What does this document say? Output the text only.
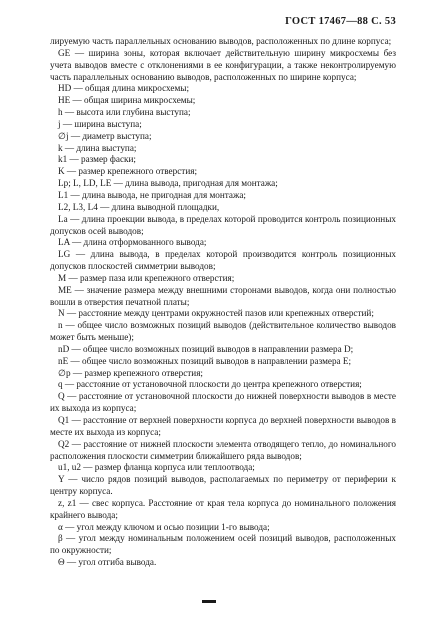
ГОСТ 17467—88 С. 53

лируемую часть параллельных основанию выводов, расположенных по длине корпуса;

GE — ширина зоны, которая включает действительную ширину микросхемы без учета выводов вместе с отклонениями в ее конфигурации, а также неконтролируемую часть параллельных основанию выводов, расположенных по ширине корпуса;

HD — общая длина микросхемы;

HE — общая ширина микросхемы;

h — высота или глубина выступа;

j — ширина выступа;

∅j — диаметр выступа;

k — длина выступа;

k1 — размер фаски;

K — размер крепежного отверстия;

Lp; L, LD, LE — длина вывода, пригодная для монтажа;

L1 — длина вывода, не пригодная для монтажа;

L2, L3, L4 — длина выводной площадки,

La — длина проекции вывода, в пределах которой проводится контроль позиционных допусков осей выводов;

LA — длина отформованного вывода;

LG — длина вывода, в пределах которой производится контроль позиционных допусков плоскостей симметрии выводов;

M — размер паза или крепежного отверстия;

ME — значение размера между внешними сторонами выводов, когда они полностью вошли в отверстия печатной платы;

N — расстояние между центрами окружностей пазов или крепежных отверстий;

n — общее число возможных позиций выводов (действительное количество выводов может быть меньше);

nD — общее число возможных позиций выводов в направлении размера D;

nE — общее число возможных позиций выводов в направлении размера E;

∅p — размер крепежного отверстия;

q — расстояние от установочной плоскости до центра крепежного отверстия;

Q — расстояние от установочной плоскости до нижней поверхности выводов в месте их выхода из корпуса;

Q1 — расстояние от верхней поверхности корпуса до верхней поверхности выводов в месте их выхода из корпуса;

Q2 — расстояние от нижней плоскости элемента отводящего тепло, до номинального расположения плоскости симметрии ближайшего ряда выводов;

u1, u2 — размер фланца корпуса или теплоотвода;

Y — число рядов позиций выводов, располагаемых по периметру от периферии к центру корпуса.

z, z1 — свес корпуса. Расстояние от края тела корпуса до номинального положения крайнего вывода;

α — угол между ключом и осью позиции 1-го вывода;

β — угол между номинальным положением осей позиций выводов, расположенных по окружности;

Θ — угол отгиба вывода.
